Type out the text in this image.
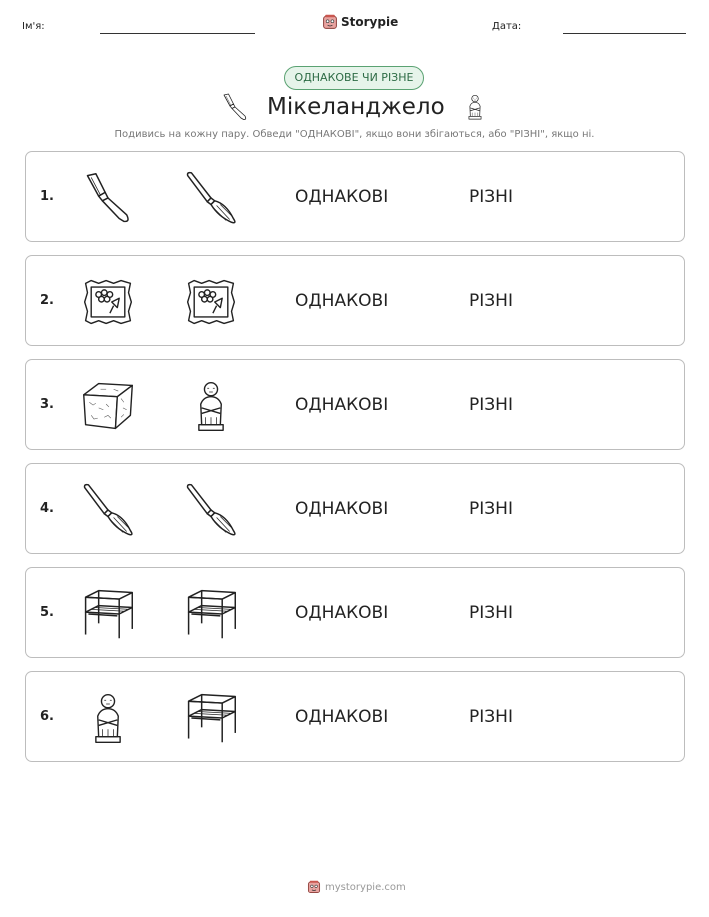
Ім'я:	Storypie	Дата:
ОДНАКОВЕ ЧИ РІЗНЕ
Мікеланджело
Подивись на кожну пару. Обведи "ОДНАКОВІ", якщо вони збігаються, або "РІЗНІ", якщо ні.
1.	ОДНАКОВІ	РІЗНІ
2.	ОДНАКОВІ	РІЗНІ
3.	ОДНАКОВІ	РІЗНІ
4.	ОДНАКОВІ	РІЗНІ
5.	ОДНАКОВІ	РІЗНІ
6.	ОДНАКОВІ	РІЗНІ
mystorypie.com
